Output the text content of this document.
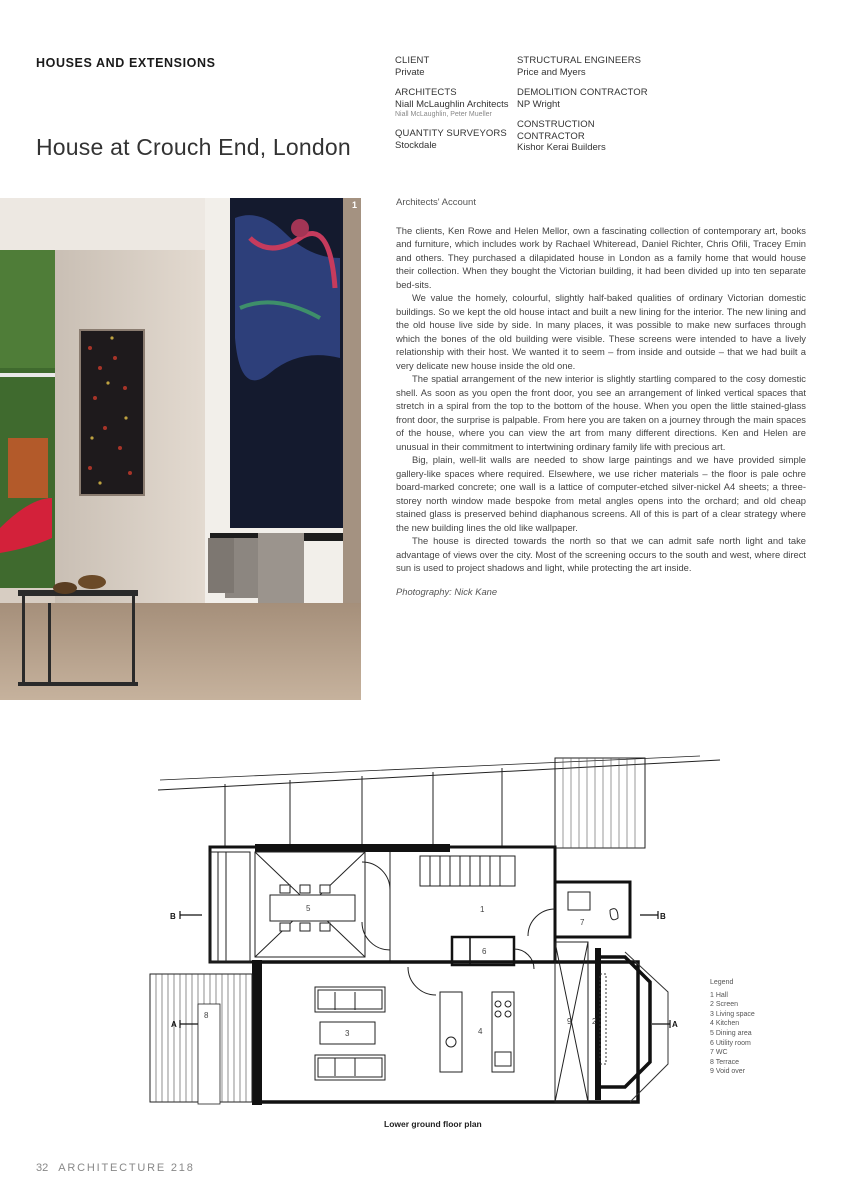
HOUSES AND EXTENSIONS
House at Crouch End, London
CLIENT
Private
ARCHITECTS
Niall McLaughlin Architects
Niall McLaughlin, Peter Mueller
QUANTITY SURVEYORS
Stockdale
STRUCTURAL ENGINEERS
Price and Myers
DEMOLITION CONTRACTOR
NP Wright
CONSTRUCTION CONTRACTOR
Kishor Kerai Builders
1	Architects' Account

The clients, Ken Rowe and Helen Mellor, own a fascinating collection of contemporary art, books and furniture, which includes work by Rachael Whiteread, Daniel Richter, Chris Ofili, Tracey Emin and others. They purchased a dilapidated house in London as a family home that would house their collection. When they bought the Victorian building, it had been divided up into ten separate bed-sits.

We value the homely, colourful, slightly half-baked qualities of ordinary Victorian domestic buildings. So we kept the old house intact and built a new lining for the interior. The new lining and the old house live side by side. In many places, it was possible to make new surfaces through which the bones of the old building were visible. These screens were intended to have a lively relationship with their host. We wanted it to seem – from inside and outside – that we had built a very delicate new house inside the old one.

The spatial arrangement of the new interior is slightly startling compared to the cosy domestic shell. As soon as you open the front door, you see an arrangement of linked vertical spaces that stretch in a spiral from the top to the bottom of the house. When you open the little stained-glass front door, the surprise is palpable. From here you are taken on a journey through the main spaces of the house, where you can view the art from many different directions. Ken and Helen are unusual in their commitment to intertwining ordinary family life with precious art.

Big, plain, well-lit walls are needed to show large paintings and we have provided simple gallery-like spaces where required. Elsewhere, we use richer materials – the floor is pale ochre board-marked concrete; one wall is a lattice of computer-etched silver-nickel A4 sheets; a three-storey north window made bespoke from metal angles opens into the orchard; and old cheap stained glass is preserved behind diaphanous screens. All of this is part of a clear strategy where the new building lines the old like wallpaper.

The house is directed towards the north so that we can admit safe north light and take advantage of views over the city. Most of the screening occurs to the south and west, where direct sun is used to project shadows and light, while protecting the art inside.

Photography: Nick Kane
B	B
A	A
1
2
3	4
5
6
7
8
9
Legend
1 Hall
2 Screen
3 Living space
4 Kitchen
5 Dining area
6 Utility room
7 WC
8 Terrace
9 Void over
Lower ground floor plan
32 ARCHITECTURE 218
